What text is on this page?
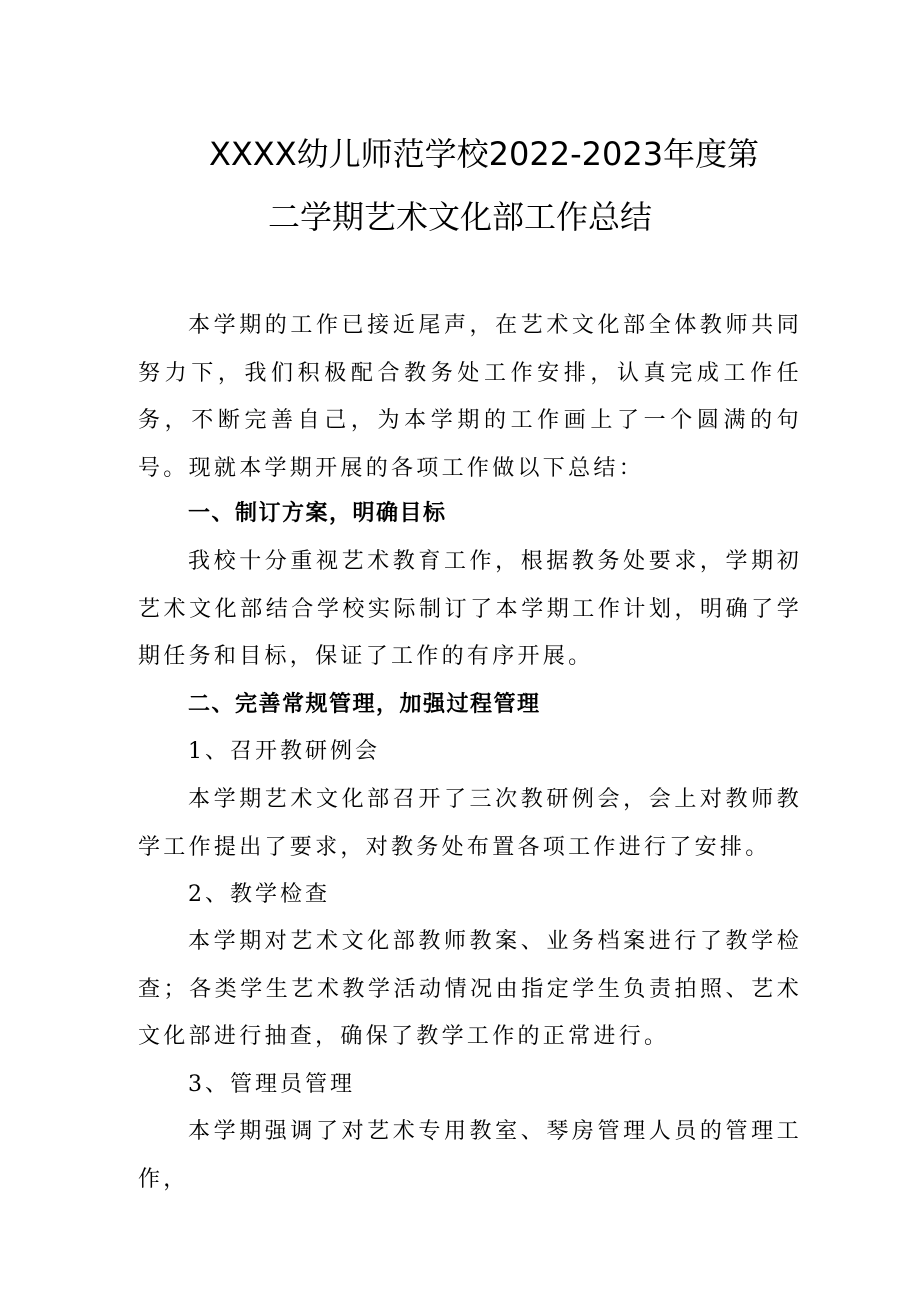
XXXX幼儿师范学校2022-2023年度第
二学期艺术文化部工作总结

本学期的工作已接近尾声，在艺术文化部全体教师共同努力下，我们积极配合教务处工作安排，认真完成工作任务，不断完善自己，为本学期的工作画上了一个圆满的句号。现就本学期开展的各项工作做以下总结：

一、制订方案，明确目标

我校十分重视艺术教育工作，根据教务处要求，学期初艺术文化部结合学校实际制订了本学期工作计划，明确了学期任务和目标，保证了工作的有序开展。

二、完善常规管理，加强过程管理

1、召开教研例会

本学期艺术文化部召开了三次教研例会，会上对教师教学工作提出了要求，对教务处布置各项工作进行了安排。

2、教学检查

本学期对艺术文化部教师教案、业务档案进行了教学检查；各类学生艺术教学活动情况由指定学生负责拍照、艺术文化部进行抽查，确保了教学工作的正常进行。

3、管理员管理

本学期强调了对艺术专用教室、琴房管理人员的管理工作，
